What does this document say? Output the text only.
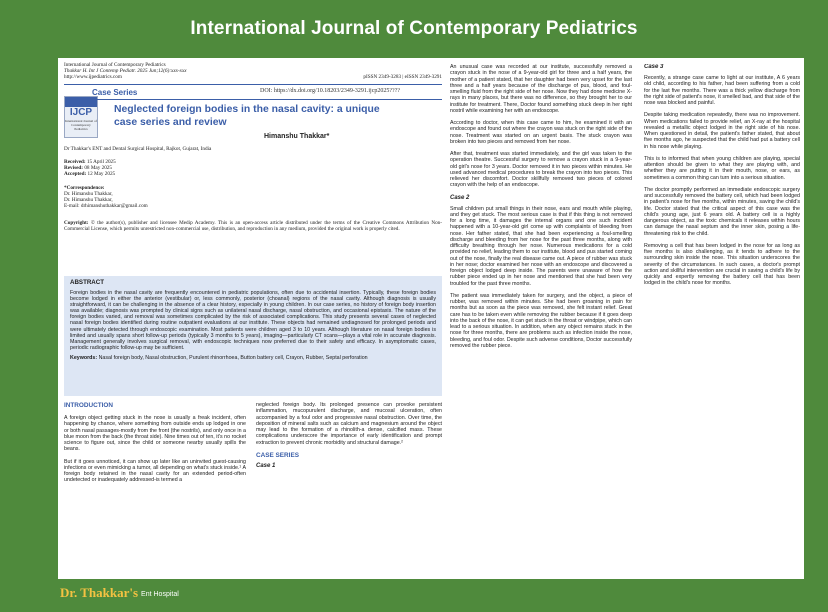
International Journal of Contemporary Pediatrics
International Journal of Contemporary Pediatrics
Thakkar H. Int J Contemp Pediatr. 2025 Jun;12(6):xxx-xxx
http://www.ijpediatrics.com	pISSN 2349-3283 | eISSN 2349-3291
IJCP
International Journal of
Contemporary
Pediatrics
Case Series	DOI: https://dx.doi.org/10.18203/2349-3291.ijcp2025????
Neglected foreign bodies in the nasal cavity: a unique case series and review
Himanshu Thakkar*
Dr Thakkar's ENT and Dental Surgical Hospital, Rajkot, Gujarat, India
Received: 15 April 2025
Revised: 08 May 2025
Accepted: 12 May 2025
*Correspondence:
Dr. Himanshu Thakkar,
Dr. Himanshu Thakkar,
E-mail: drhimanshuthakkar@gmail.com
Copyright: © the author(s), publisher and licensee Medip Academy. This is an open-access article distributed under the terms of the Creative Commons Attribution Non-Commercial License, which permits unrestricted non-commercial use, distribution, and reproduction in any medium, provided the original work is properly cited.
ABSTRACT

Foreign bodies in the nasal cavity are frequently encountered in pediatric populations, often due to accidental insertion. Typically, these foreign bodies become lodged in either the anterior (vestibular) or, less commonly, posterior (choanal) regions of the nasal cavity. Although diagnosis is usually straightforward, it can be challenging in the absence of a clear history, especially in young children. In our case series, no history of foreign body insertion was available; diagnosis was prompted by clinical signs such as unilateral nasal discharge, nasal obstruction, and occasional epistaxis. The nature of the foreign bodies varied, and removal was sometimes complicated by the risk of associated complications. This study presents several cases of neglected nasal foreign bodies identified during routine outpatient evaluations at our institute. These objects had remained undiagnosed for prolonged periods and were ultimately detected through endoscopic examination. Most patients were children aged 3 to 10 years. Although literature on nasal foreign bodies is limited and usually spans short follow-up periods (typically 3 months to 5 years), imaging—particularly CT scans—plays a vital role in accurate diagnosis. Management generally involves surgical removal, with endoscopic techniques now preferred due to their safety and efficacy. In asymptomatic cases, periodic radiographic follow-up may be sufficient.

Keywords: Nasal foreign body, Nasal obstruction, Purulent rhinorrhoea, Button battery cell, Crayon, Rubber, Septal perforation

INTRODUCTION

A foreign object getting stuck in the nose is usually a freak incident, often happening by chance, where something from outside ends up lodged in one or both nasal passages-mostly from the front (the nostrils), and only once in a blue moon from the back (the throat side). Nine times out of ten, it's no rocket science to figure out, since the child or someone nearby usually spills the beans.

But if it goes unnoticed, it can show up later like an uninvited guest-causing infections or even mimicking a tumor, all depending on what's stuck inside.¹ A foreign body retained in the nasal cavity for an extended period-often undetected or inadequately addressed-is termed a

neglected foreign body. Its prolonged presence can provoke persistent inflammation, mucopurulent discharge, and mucosal ulceration, often accompanied by a foul odor and progressive nasal obstruction. Over time, the deposition of mineral salts such as calcium and magnesium around the object may lead to the formation of a rhinolith-a dense, calcified mass. These complications underscore the importance of early identification and prompt extraction to prevent chronic morbidity and structural damage.²

CASE SERIES
Case 1

An unusual case was recorded at our institute, successfully removed a crayon stuck in the nose of a 9-year-old girl for three and a half years, the mother of a patient stated, that her daughter had been very upset for the last three and a half years because of the discharge of pus, blood, and foul-smelling fluid from the right side of her nose. Now they had done medicine X-rays in many places, but there was no difference, so they brought her to our institute for treatment. There, Doctor found something stuck deep in her right nostril while examining her with an endoscope.

According to doctor, when this case came to him, he examined it with an endoscope and found out where the crayon was stuck on the right side of the nose. Treatment was started on an urgent basis. The stuck crayon was broken into two pieces and removed from her nose.

After that, treatment was started immediately, and the girl was taken to the operation theatre. Successful surgery to remove a crayon stuck in a 9-year-old girl's nose for 3 years. Doctor removed it in two pieces within minutes. He used advanced medical procedures to break the crayon into two pieces. This relieved her discomfort. Doctor skillfully removed two pieces of colored crayon with the help of an endoscope.

Case 2

Small children put small things in their nose, ears and mouth while playing, and they get stuck. The most serious case is that if this thing is not removed for a long time, it damages the internal organs and one such incident happened with a 10-year-old girl come up with complaints of bleeding from nose. Her father stated, that she had been experiencing a foul-smelling discharge and bleeding from her nose for the past three months, along with difficulty breathing through her nose. Numerous medications for a cold provided no relief, leading them to our institute, blood and pus started coming out of the nose, finally the real disease came out. A piece of rubber was stuck in her nose; doctor examined her nose with an endoscope and discovered a foreign object lodged deep inside. The parents were unaware of how the rubber piece ended up in her nose and mentioned that she had been very troubled for the past three months.

The patient was immediately taken for surgery, and the object, a piece of rubber, was removed within minutes. She had been groaning in pain for months but as soon as the piece was removed, she felt instant relief. Great care has to be taken even while removing the rubber because if it goes deep into the back of the nose, it can get stuck in the throat or windpipe, which can lead to a serious situation. In addition, when any object remains stuck in the nose for three months, there are problems such as infection inside the nose, bleeding, and foul odor. Despite such adverse conditions, Doctor successfully removed the rubber piece.

Case 3

Recently, a strange case came to light at our institute, A 6 years old child, according to his father, had been suffering from a cold for the last five months. There was a thick yellow discharge from the right side of patient's nose, it smelled bad, and that side of the nose was blocked and painful.

Despite taking medication repeatedly, there was no improvement. When medications failed to provide relief, an X-ray at the hospital revealed a metallic object lodged in the right side of his nose. When questioned in detail, the patient's father stated, that about five months ago, he suspected that the child had put a battery cell in his nose while playing.

This is to informed that when young children are playing, special attention should be given to what they are playing with, and whether they are putting it in their mouth, nose, or ears, as sometimes a common thing can turn into a serious situation.

The doctor promptly performed an immediate endoscopic surgery and successfully removed the battery cell, which had been lodged in patient's nose for five months, within minutes, saving the child's life. Doctor stated that the critical aspect of this case was the child's young age, just 6 years old. A battery cell is a highly dangerous object, as the toxic chemicals it releases within hours can damage the nasal septum and the inner skin, posing a life-threatening risk to the child.

Removing a cell that has been lodged in the nose for as long as five months is also challenging, as it tends to adhere to the surrounding skin inside the nose. This situation underscores the severity of the circumstances. In such cases, a doctor's prompt action and skillful intervention are crucial in saving a child's life by quickly and expertly removing the battery cell that has been lodged in the child's nose for months.

Dr. Thakkar's Ent Hospital
